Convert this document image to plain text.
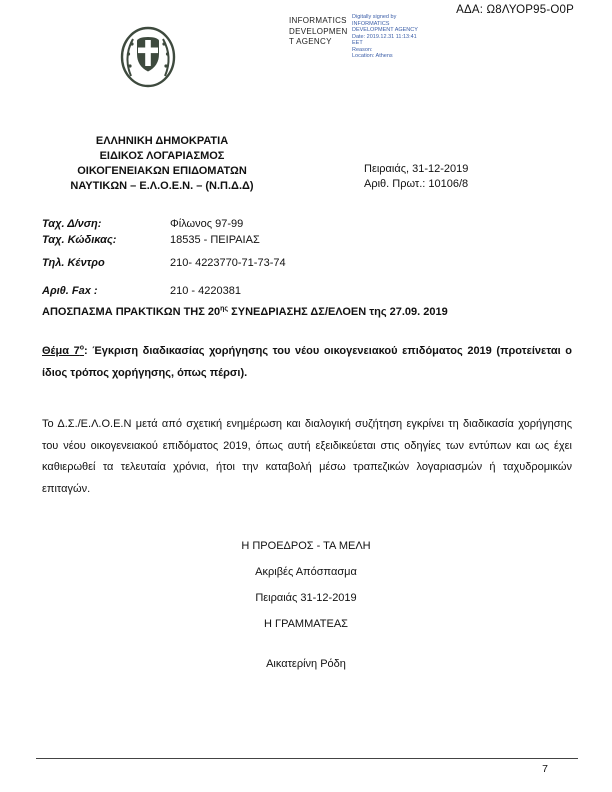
ΑΔΑ: Ω8ΛΥΟΡ95-Ο0Ρ
INFORMATICS
DEVELOPMEN
T AGENCY
Digitally signed by
INFORMATICS
DEVELOPMENT AGENCY
Date: 2019.12.31 11:13:41
EET
Reason:
Location: Athens
ΕΛΛΗΝΙΚΗ ΔΗΜΟΚΡΑΤΙΑ
ΕΙΔΙΚΟΣ ΛΟΓΑΡΙΑΣΜΟΣ
ΟΙΚΟΓΕΝΕΙΑΚΩΝ ΕΠΙΔΟΜΑΤΩΝ
ΝΑΥΤΙΚΩΝ – Ε.Λ.Ο.Ε.Ν. – (Ν.Π.Δ.Δ)
Πειραιάς, 31-12-2019
Αριθ. Πρωτ.: 10106/8
Ταχ. Δ/νση:	Φίλωνος 97-99
Ταχ. Κώδικας:	18535 - ΠΕΙΡΑΙΑΣ
Τηλ. Κέντρο	210- 4223770-71-73-74
Αριθ. Fax :	210 - 4220381
ΑΠΟΣΠΑΣΜΑ ΠΡΑΚΤΙΚΩΝ ΤΗΣ $20^{\eta\varsigma}$ ΣΥΝΕΔΡΙΑΣΗΣ ΔΣ/ΕΛΟΕΝ της 27.09. 2019
Θέμα $7^o$: Έγκριση διαδικασίας χορήγησης του νέου οικογενειακού επιδόματος 2019 (προτείνεται ο ίδιος τρόπος χορήγησης, όπως πέρσι).
Το Δ.Σ./Ε.Λ.Ο.Ε.Ν μετά από σχετική ενημέρωση και διαλογική συζήτηση εγκρίνει τη διαδικασία χορήγησης του νέου οικογενειακού επιδόματος 2019, όπως αυτή εξειδικεύεται στις οδηγίες των εντύπων και ως έχει καθιερωθεί τα τελευταία χρόνια, ήτοι την καταβολή μέσω τραπεζικών λογαριασμών ή ταχυδρομικών επιταγών.
Η ΠΡΟΕΔΡΟΣ - ΤΑ ΜΕΛΗ
Ακριβές Απόσπασμα
Πειραιάς 31-12-2019
Η ΓΡΑΜΜΑΤΕΑΣ
Αικατερίνη Ρόδη
7
